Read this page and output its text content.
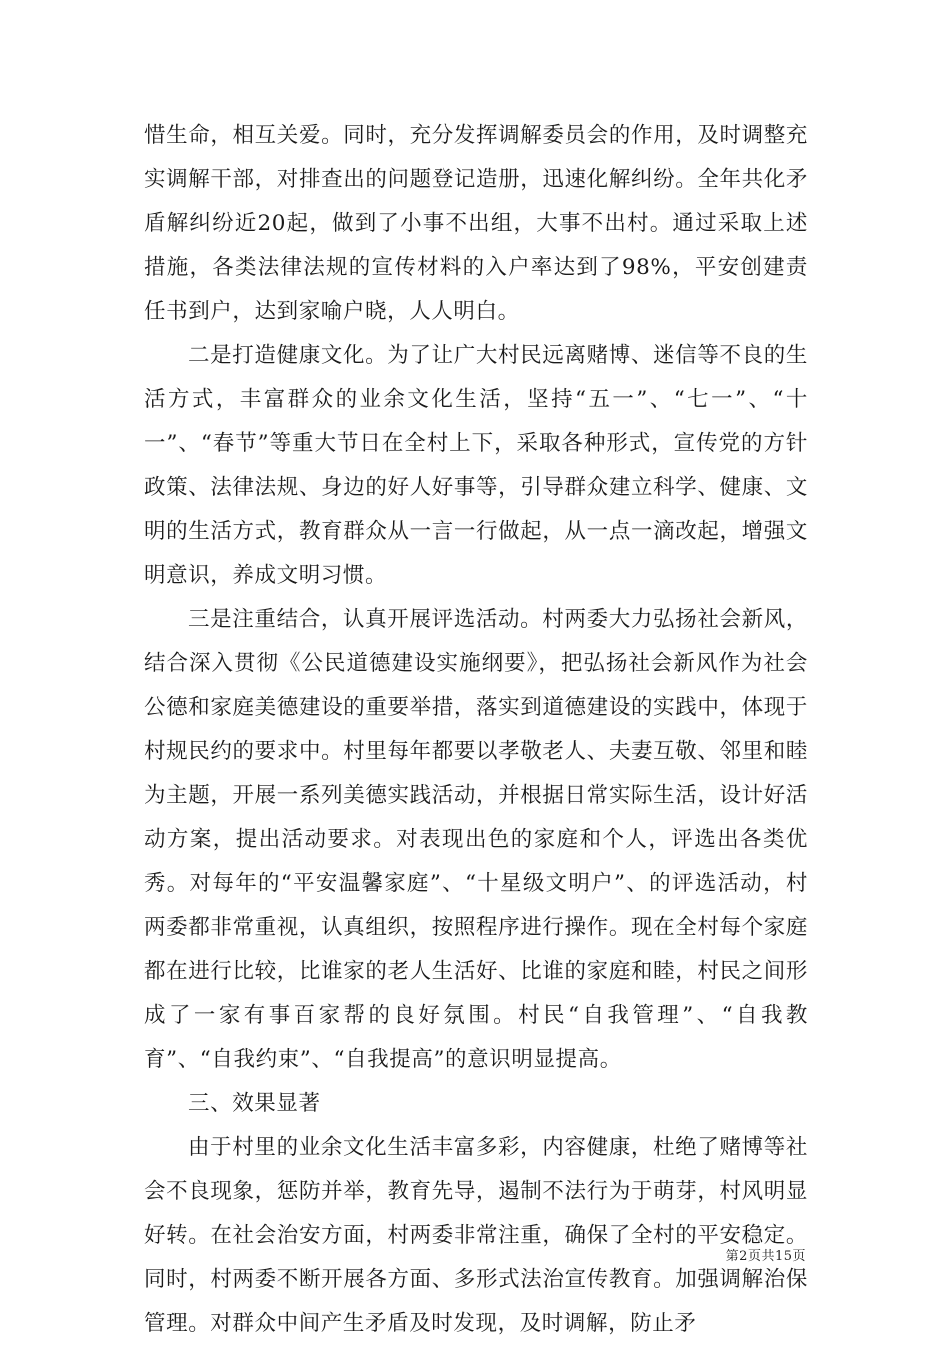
惜生命，相互关爱。同时，充分发挥调解委员会的作用，及时调整充实调解干部，对排查出的问题登记造册，迅速化解纠纷。全年共化矛盾解纠纷近20起，做到了小事不出组，大事不出村。通过采取上述措施，各类法律法规的宣传材料的入户率达到了98%，平安创建责任书到户，达到家喻户晓，人人明白。

二是打造健康文化。为了让广大村民远离赌博、迷信等不良的生活方式，丰富群众的业余文化生活，坚持“五一”、“七一”、“十一”、“春节”等重大节日在全村上下，采取各种形式，宣传党的方针政策、法律法规、身边的好人好事等，引导群众建立科学、健康、文明的生活方式，教育群众从一言一行做起，从一点一滴改起，增强文明意识，养成文明习惯。

三是注重结合，认真开展评选活动。村两委大力弘扬社会新风，结合深入贯彻《公民道德建设实施纲要》，把弘扬社会新风作为社会公德和家庭美德建设的重要举措，落实到道德建设的实践中，体现于村规民约的要求中。村里每年都要以孝敬老人、夫妻互敬、邻里和睦为主题，开展一系列美德实践活动，并根据日常实际生活，设计好活动方案，提出活动要求。对表现出色的家庭和个人，评选出各类优秀。对每年的“平安温馨家庭”、“十星级文明户”、的评选活动，村两委都非常重视，认真组织，按照程序进行操作。现在全村每个家庭都在进行比较，比谁家的老人生活好、比谁的家庭和睦，村民之间形成了一家有事百家帮的良好氛围。村民“自我管理”、“自我教育”、“自我约束”、“自我提高”的意识明显提高。

三、效果显著

由于村里的业余文化生活丰富多彩，内容健康，杜绝了赌博等社会不良现象，惩防并举，教育先导，遏制不法行为于萌芽，村风明显好转。在社会治安方面，村两委非常注重，确保了全村的平安稳定。同时，村两委不断开展各方面、多形式法治宣传教育。加强调解治保管理。对群众中间产生矛盾及时发现，及时调解，防止矛

第2页共15页
